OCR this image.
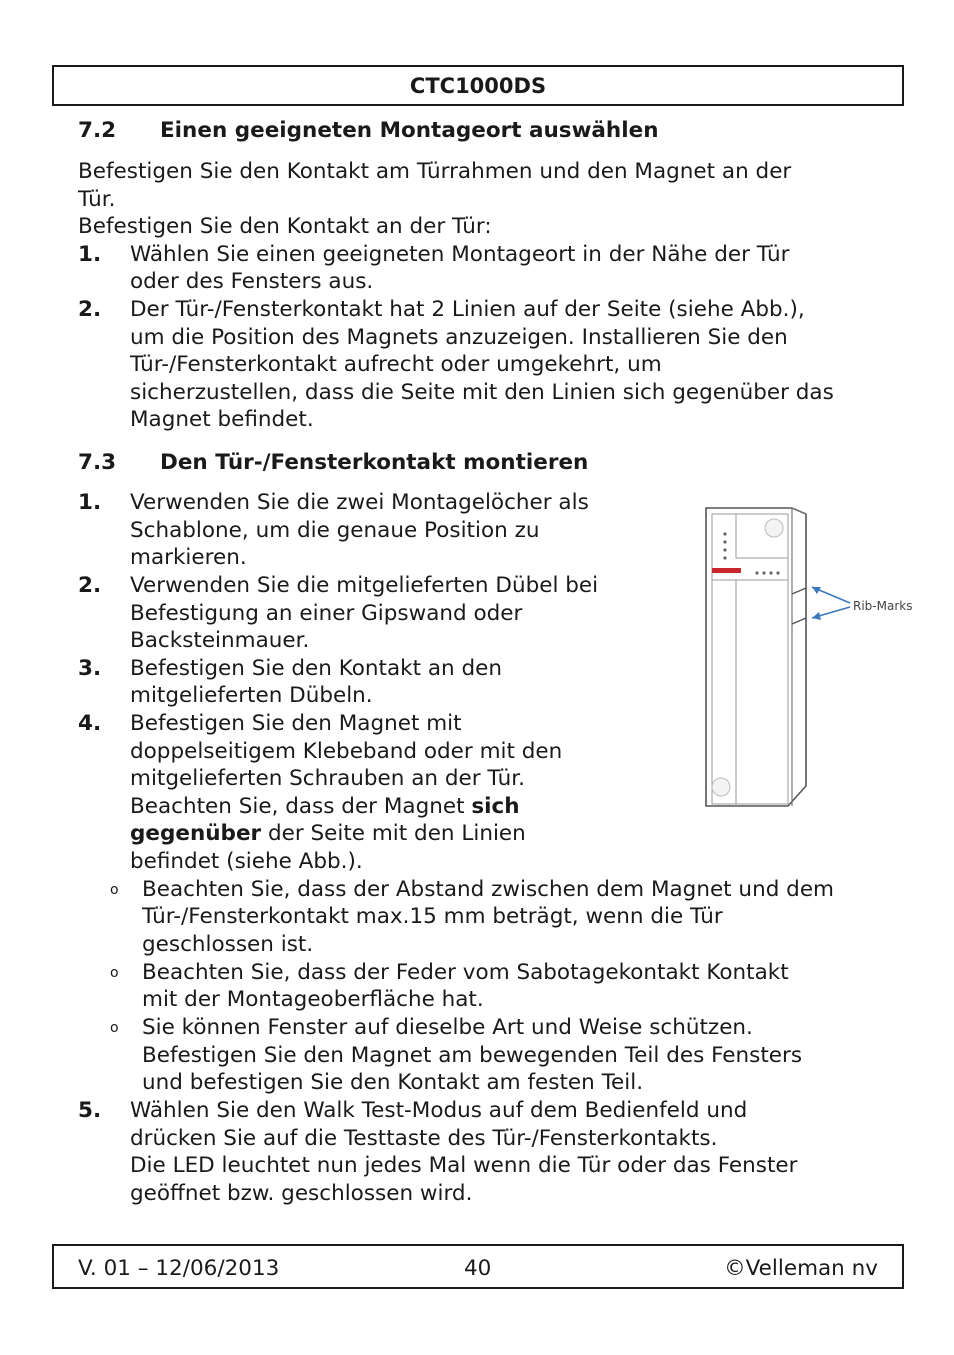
CTC1000DS
7.2 Einen geeigneten Montageort auswählen
Befestigen Sie den Kontakt am Türrahmen und den Magnet an der
Tür.
Befestigen Sie den Kontakt an der Tür:
1. Wählen Sie einen geeigneten Montageort in der Nähe der Tür
oder des Fensters aus.
2. Der Tür-/Fensterkontakt hat 2 Linien auf der Seite (siehe Abb.),
um die Position des Magnets anzuzeigen. Installieren Sie den
Tür-/Fensterkontakt aufrecht oder umgekehrt, um
sicherzustellen, dass die Seite mit den Linien sich gegenüber das
Magnet befindet.
7.3 Den Tür-/Fensterkontakt montieren
1. Verwenden Sie die zwei Montagelöcher als
Schablone, um die genaue Position zu
markieren.
2. Verwenden Sie die mitgelieferten Dübel bei
Befestigung an einer Gipswand oder
Backsteinmauer.
3. Befestigen Sie den Kontakt an den
mitgelieferten Dübeln.
4. Befestigen Sie den Magnet mit
doppelseitigem Klebeband oder mit den
mitgelieferten Schrauben an der Tür.
Beachten Sie, dass der Magnet sich
gegenüber der Seite mit den Linien
befindet (siehe Abb.).
o Beachten Sie, dass der Abstand zwischen dem Magnet und dem
Tür-/Fensterkontakt max.15 mm beträgt, wenn die Tür
geschlossen ist.
o Beachten Sie, dass der Feder vom Sabotagekontakt Kontakt
mit der Montageoberfläche hat.
o Sie können Fenster auf dieselbe Art und Weise schützen.
Befestigen Sie den Magnet am bewegenden Teil des Fensters
und befestigen Sie den Kontakt am festen Teil.
5. Wählen Sie den Walk Test-Modus auf dem Bedienfeld und
drücken Sie auf die Testtaste des Tür-/Fensterkontakts.
Die LED leuchtet nun jedes Mal wenn die Tür oder das Fenster
geöffnet bzw. geschlossen wird.
Rib-Marks
V. 01 – 12/06/2013	40	©Velleman nv
